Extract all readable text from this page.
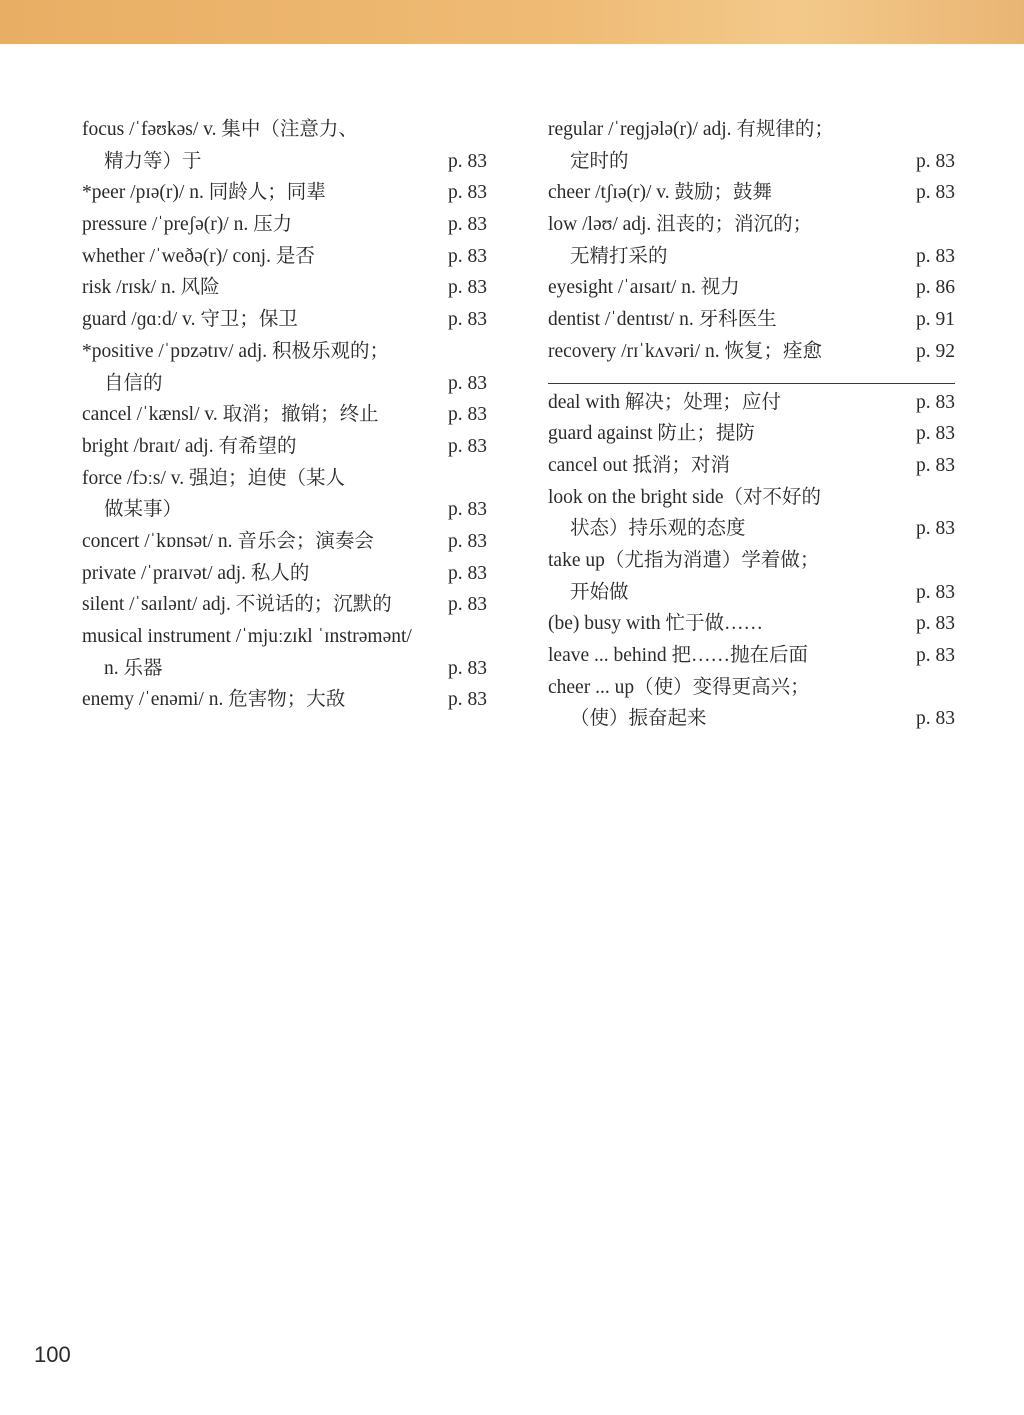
focus /ˈfəʊkəs/ v. 集中（注意力、
精力等）于	p. 83
*peer /pɪə(r)/ n. 同龄人；同辈	p. 83
pressure /ˈpreʃə(r)/ n. 压力	p. 83
whether /ˈweðə(r)/ conj. 是否	p. 83
risk /rɪsk/ n. 风险	p. 83
guard /ɡɑːd/ v. 守卫；保卫	p. 83
*positive /ˈpɒzətɪv/ adj. 积极乐观的；
自信的	p. 83
cancel /ˈkænsl/ v. 取消；撤销；终止	p. 83
bright /braɪt/ adj. 有希望的	p. 83
force /fɔːs/ v. 强迫；迫使（某人
做某事）	p. 83
concert /ˈkɒnsət/ n. 音乐会；演奏会	p. 83
private /ˈpraɪvət/ adj. 私人的	p. 83
silent /ˈsaɪlənt/ adj. 不说话的；沉默的	p. 83
musical instrument /ˈmjuːzɪkl ˈɪnstrəmənt/
n. 乐器	p. 83
enemy /ˈenəmi/ n. 危害物；大敌	p. 83
regular /ˈreɡjələ(r)/ adj. 有规律的；
定时的	p. 83
cheer /tʃɪə(r)/ v. 鼓励；鼓舞	p. 83
low /ləʊ/ adj. 沮丧的；消沉的；
无精打采的	p. 83
eyesight /ˈaɪsaɪt/ n. 视力	p. 86
dentist /ˈdentɪst/ n. 牙科医生	p. 91
recovery /rɪˈkʌvəri/ n. 恢复；痊愈	p. 92
deal with 解决；处理；应付	p. 83
guard against 防止；提防	p. 83
cancel out 抵消；对消	p. 83
look on the bright side（对不好的
状态）持乐观的态度	p. 83
take up（尤指为消遣）学着做；
开始做	p. 83
(be) busy with 忙于做……	p. 83
leave ... behind 把……抛在后面	p. 83
cheer ... up（使）变得更高兴；
（使）振奋起来	p. 83
100
